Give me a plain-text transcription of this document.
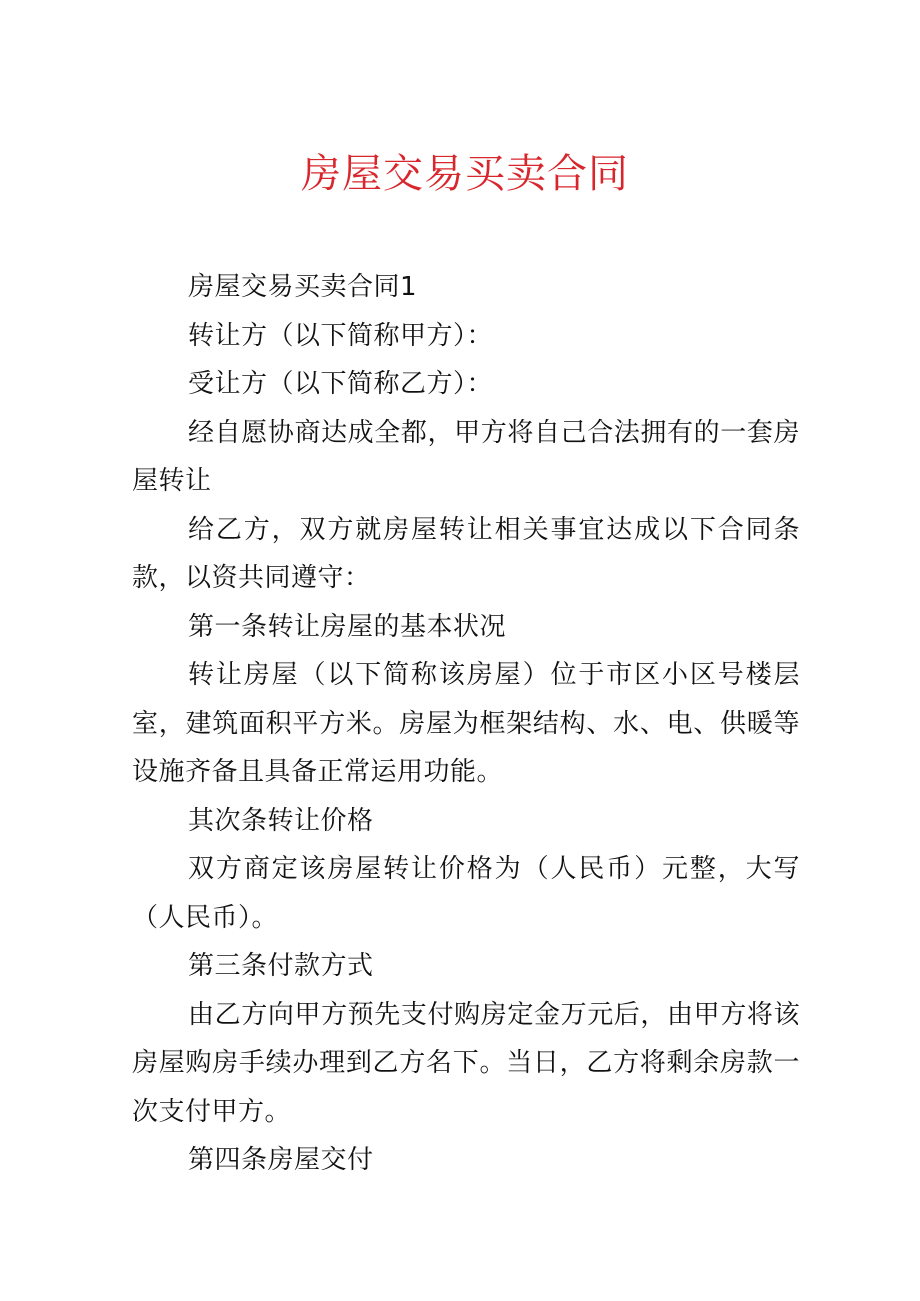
房屋交易买卖合同

房屋交易买卖合同1

转让方（以下简称甲方）：

受让方（以下简称乙方）：

经自愿协商达成全都，甲方将自己合法拥有的一套房屋转让

给乙方，双方就房屋转让相关事宜达成以下合同条款，以资共同遵守：

第一条转让房屋的基本状况

转让房屋（以下简称该房屋）位于市区小区号楼层室，建筑面积平方米。房屋为框架结构、水、电、供暖等设施齐备且具备正常运用功能。

其次条转让价格

双方商定该房屋转让价格为（人民币）元整，大写（人民币）。

第三条付款方式

由乙方向甲方预先支付购房定金万元后，由甲方将该房屋购房手续办理到乙方名下。当日，乙方将剩余房款一次支付甲方。

第四条房屋交付
